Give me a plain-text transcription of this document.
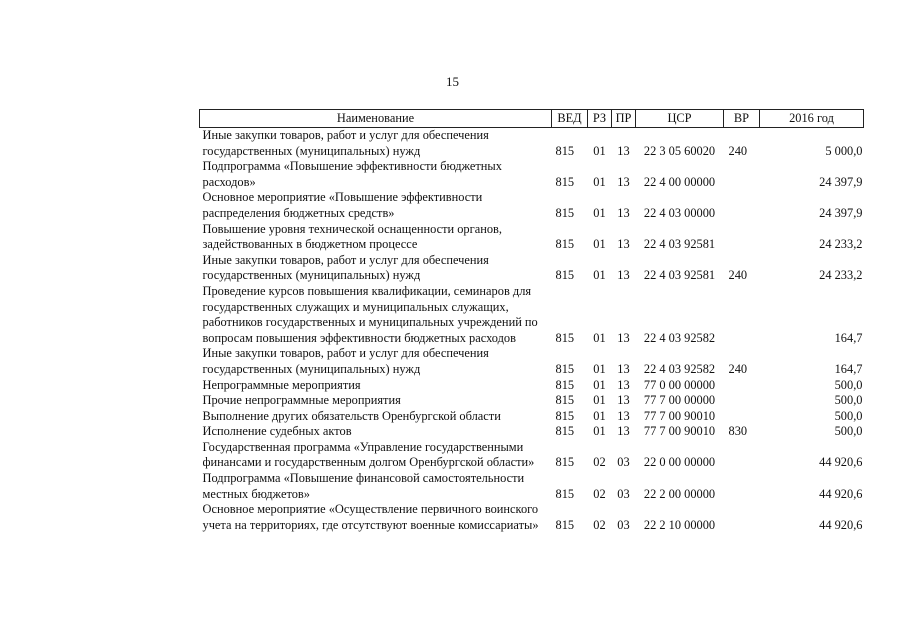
15
Наименование	ВЕД	РЗ	ПР	ЦСР	ВР	2016 год
Иные закупки товаров, работ и услуг для обеспечения государственных (муниципальных) нужд	815	01	13	22 3 05 60020	240	5 000,0
Подпрограмма «Повышение эффективности бюджетных расходов»	815	01	13	22 4 00 00000		24 397,9
Основное мероприятие «Повышение эффективности распределения бюджетных средств»	815	01	13	22 4 03 00000		24 397,9
Повышение уровня технической оснащенности органов, задействованных в бюджетном процессе	815	01	13	22 4 03 92581		24 233,2
Иные закупки товаров, работ и услуг для обеспечения государственных (муниципальных) нужд	815	01	13	22 4 03 92581	240	24 233,2
Проведение курсов повышения квалификации, семинаров для государственных служащих и муниципальных служащих, работников государственных и муниципальных учреждений по вопросам повышения эффективности бюджетных расходов	815	01	13	22 4 03 92582		164,7
Иные закупки товаров, работ и услуг для обеспечения государственных (муниципальных) нужд	815	01	13	22 4 03 92582	240	164,7
Непрограммные мероприятия	815	01	13	77 0 00 00000		500,0
Прочие непрограммные мероприятия	815	01	13	77 7 00 00000		500,0
Выполнение других обязательств Оренбургской области	815	01	13	77 7 00 90010		500,0
Исполнение судебных актов	815	01	13	77 7 00 90010	830	500,0
Государственная программа «Управление государственными финансами и государственным долгом Оренбургской области»	815	02	03	22 0 00 00000		44 920,6
Подпрограмма «Повышение финансовой самостоятельности местных бюджетов»	815	02	03	22 2 00 00000		44 920,6
Основное мероприятие «Осуществление первичного воинского учета на территориях, где отсутствуют военные комиссариаты»	815	02	03	22 2 10 00000		44 920,6
